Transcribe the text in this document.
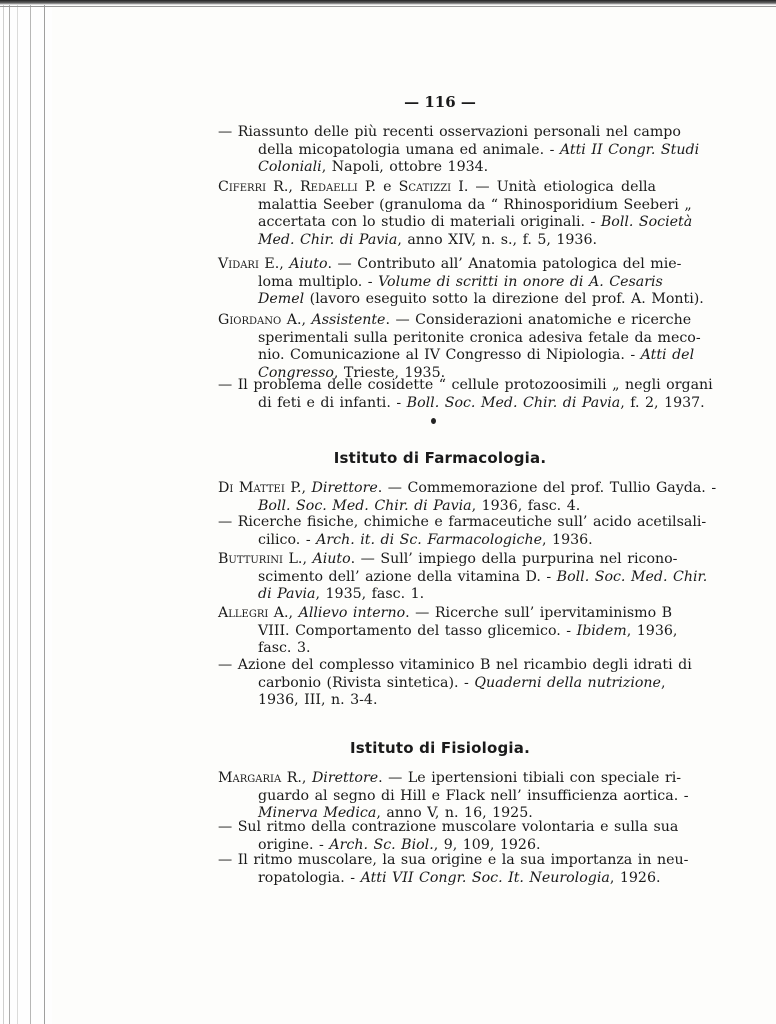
— 116 —
— Riassunto delle più recenti osservazioni personali nel campo
della micopatologia umana ed animale. - Atti II Congr. Studi
Coloniali, Napoli, ottobre 1934.
Ciferri R., Redaelli P. e Scatizzi I. — Unità etiologica della
malattia Seeber (granuloma da “ Rhinosporidium Seeberi „
accertata con lo studio di materiali originali. - Boll. Società
Med. Chir. di Pavia, anno XIV, n. s., f. 5, 1936.
Vidari E., Aiuto. — Contributo all’ Anatomia patologica del mie-
loma multiplo. - Volume di scritti in onore di A. Cesaris
Demel (lavoro eseguito sotto la direzione del prof. A. Monti).
Giordano A., Assistente. — Considerazioni anatomiche e ricerche
sperimentali sulla peritonite cronica adesiva fetale da meco-
nio. Comunicazione al IV Congresso di Nipiologia. - Atti del
Congresso, Trieste, 1935.
— Il problema delle cosidette “ cellule protozoosimili „ negli organi
di feti e di infanti. - Boll. Soc. Med. Chir. di Pavia, f. 2, 1937.
Istituto di Farmacologia.
Di Mattei P., Direttore. — Commemorazione del prof. Tullio Gayda. -
Boll. Soc. Med. Chir. di Pavia, 1936, fasc. 4.
— Ricerche fisiche, chimiche e farmaceutiche sull’ acido acetilsali-
cilico. - Arch. it. di Sc. Farmacologiche, 1936.
Butturini L., Aiuto. — Sull’ impiego della purpurina nel ricono-
scimento dell’ azione della vitamina D. - Boll. Soc. Med. Chir.
di Pavia, 1935, fasc. 1.
Allegri A., Allievo interno. — Ricerche sull’ ipervitaminismo B
VIII. Comportamento del tasso glicemico. - Ibidem, 1936,
fasc. 3.
— Azione del complesso vitaminico B nel ricambio degli idrati di
carbonio (Rivista sintetica). - Quaderni della nutrizione,
1936, III, n. 3-4.
Istituto di Fisiologia.
Margaria R., Direttore. — Le ipertensioni tibiali con speciale ri-
guardo al segno di Hill e Flack nell’ insufficienza aortica. -
Minerva Medica, anno V, n. 16, 1925.
— Sul ritmo della contrazione muscolare volontaria e sulla sua
origine. - Arch. Sc. Biol., 9, 109, 1926.
— Il ritmo muscolare, la sua origine e la sua importanza in neu-
ropatologia. - Atti VII Congr. Soc. It. Neurologia, 1926.
